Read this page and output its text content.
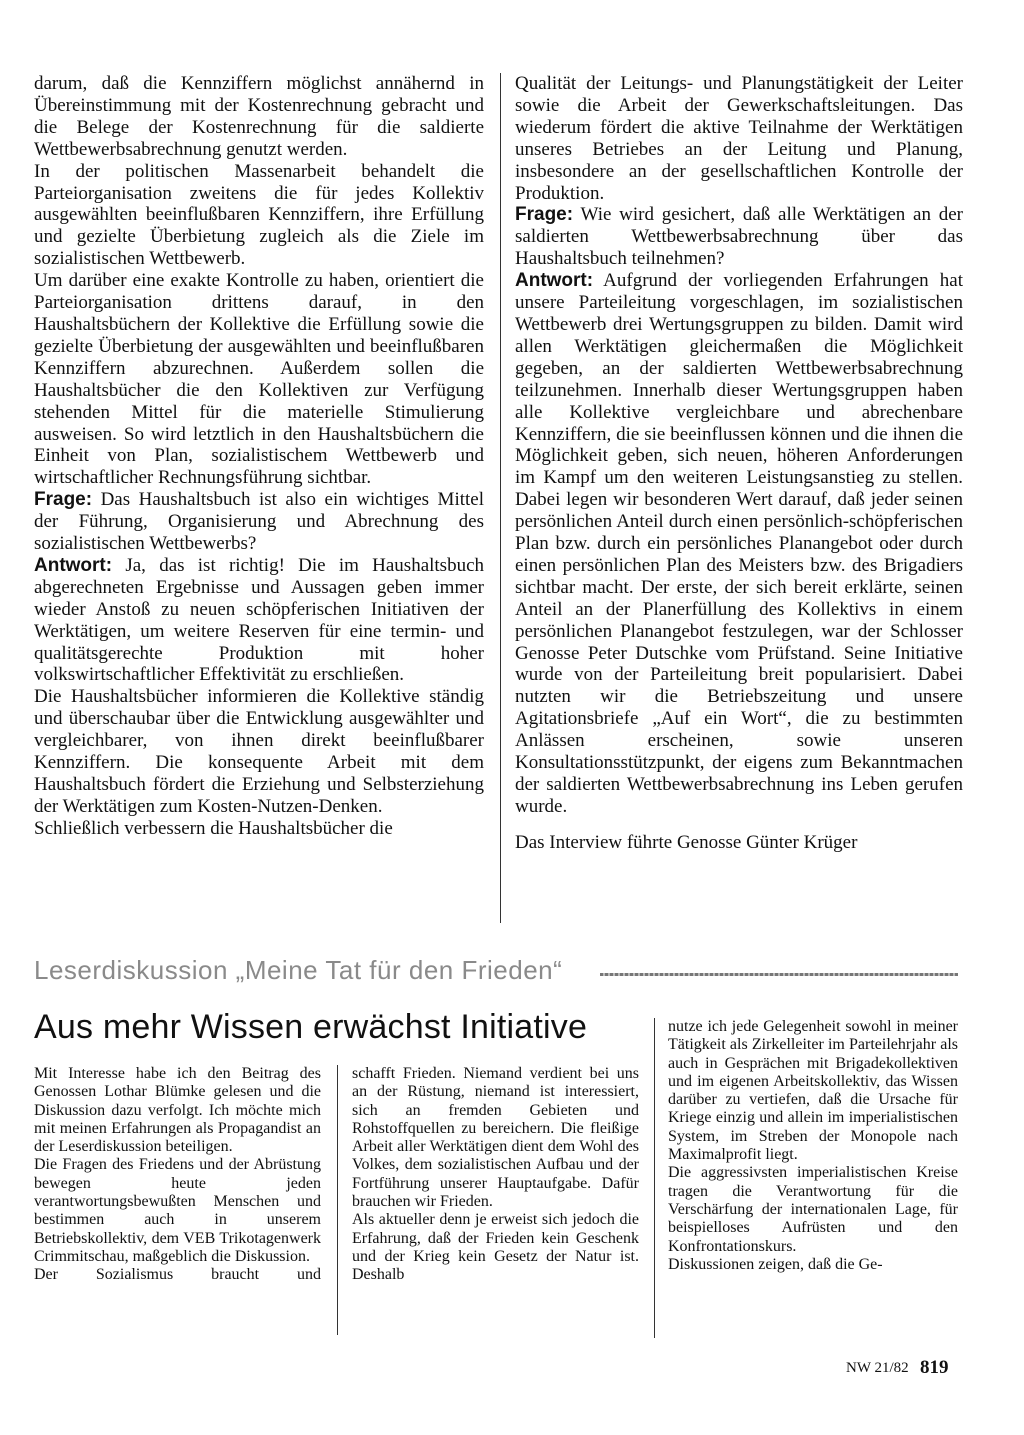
darum, daß die Kennziffern möglichst annähernd in Übereinstimmung mit der Kostenrechnung gebracht und die Belege der Kostenrechnung für die saldierte Wettbewerbsabrechnung genutzt werden.

In der politischen Massenarbeit behandelt die Parteiorganisation zweitens die für jedes Kollektiv ausgewählten beeinflußbaren Kennziffern, ihre Erfüllung und gezielte Überbietung zugleich als die Ziele im sozialistischen Wettbewerb.

Um darüber eine exakte Kontrolle zu haben, orientiert die Parteiorganisation drittens darauf, in den Haushaltsbüchern der Kollektive die Erfüllung sowie die gezielte Überbietung der ausgewählten und beeinflußbaren Kennziffern abzurechnen. Außerdem sollen die Haushaltsbücher die den Kollektiven zur Verfügung stehenden Mittel für die materielle Stimulierung ausweisen. So wird letztlich in den Haushaltsbüchern die Einheit von Plan, sozialistischem Wettbewerb und wirtschaftlicher Rechnungsführung sichtbar.

Frage: Das Haushaltsbuch ist also ein wichtiges Mittel der Führung, Organisierung und Abrechnung des sozialistischen Wettbewerbs?

Antwort: Ja, das ist richtig! Die im Haushaltsbuch abgerechneten Ergebnisse und Aussagen geben immer wieder Anstoß zu neuen schöpferischen Initiativen der Werktätigen, um weitere Reserven für eine termin- und qualitätsgerechte Produktion mit hoher volkswirtschaftlicher Effektivität zu erschließen.

Die Haushaltsbücher informieren die Kollektive ständig und überschaubar über die Entwicklung ausgewählter und vergleichbarer, von ihnen direkt beeinflußbarer Kennziffern. Die konsequente Arbeit mit dem Haushaltsbuch fördert die Erziehung und Selbsterziehung der Werktätigen zum Kosten-Nutzen-Denken.

Schließlich verbessern die Haushaltsbücher die

Qualität der Leitungs- und Planungstätigkeit der Leiter sowie die Arbeit der Gewerkschaftsleitungen. Das wiederum fördert die aktive Teilnahme der Werktätigen unseres Betriebes an der Leitung und Planung, insbesondere an der gesellschaftlichen Kontrolle der Produktion.

Frage: Wie wird gesichert, daß alle Werktätigen an der saldierten Wettbewerbsabrechnung über das Haushaltsbuch teilnehmen?

Antwort: Aufgrund der vorliegenden Erfahrungen hat unsere Parteileitung vorgeschlagen, im sozialistischen Wettbewerb drei Wertungsgruppen zu bilden. Damit wird allen Werktätigen gleichermaßen die Möglichkeit gegeben, an der saldierten Wettbewerbsabrechnung teilzunehmen. Innerhalb dieser Wertungsgruppen haben alle Kollektive vergleichbare und abrechenbare Kennziffern, die sie beeinflussen können und die ihnen die Möglichkeit geben, sich neuen, höheren Anforderungen im Kampf um den weiteren Leistungsanstieg zu stellen. Dabei legen wir besonderen Wert darauf, daß jeder seinen persönlichen Anteil durch einen persönlich-schöpferischen Plan bzw. durch ein persönliches Planangebot oder durch einen persönlichen Plan des Meisters bzw. des Brigadiers sichtbar macht. Der erste, der sich bereit erklärte, seinen Anteil an der Planerfüllung des Kollektivs in einem persönlichen Planangebot festzulegen, war der Schlosser Genosse Peter Dutschke vom Prüfstand. Seine Initiative wurde von der Parteileitung breit popularisiert. Dabei nutzten wir die Betriebszeitung und unsere Agitationsbriefe „Auf ein Wort“, die zu bestimmten Anlässen erscheinen, sowie unseren Konsultationsstützpunkt, der eigens zum Bekanntmachen der saldierten Wettbewerbsabrechnung ins Leben gerufen wurde.

Das Interview führte Genosse Günter Krüger

Leserdiskussion „Meine Tat für den Frieden“
Aus mehr Wissen erwächst Initiative

Mit Interesse habe ich den Beitrag des Genossen Lothar Blümke gelesen und die Diskussion dazu verfolgt. Ich möchte mich mit meinen Erfahrungen als Propagandist an der Leserdiskussion beteiligen.

Die Fragen des Friedens und der Abrüstung bewegen heute jeden verantwortungsbewußten Menschen und bestimmen auch in unserem Betriebskollektiv, dem VEB Trikotagenwerk Crimmitschau, maßgeblich die Diskussion.

Der Sozialismus braucht und

schafft Frieden. Niemand verdient bei uns an der Rüstung, niemand ist interessiert, sich an fremden Gebieten und Rohstoffquellen zu bereichern. Die fleißige Arbeit aller Werktätigen dient dem Wohl des Volkes, dem sozialistischen Aufbau und der Fortführung unserer Hauptaufgabe. Dafür brauchen wir Frieden.

Als aktueller denn je erweist sich jedoch die Erfahrung, daß der Frieden kein Geschenk und der Krieg kein Gesetz der Natur ist. Deshalb

nutze ich jede Gelegenheit sowohl in meiner Tätigkeit als Zirkelleiter im Parteilehrjahr als auch in Gesprächen mit Brigadekollektiven und im eigenen Arbeitskollektiv, das Wissen darüber zu vertiefen, daß die Ursache für Kriege einzig und allein im imperialistischen System, im Streben der Monopole nach Maximalprofit liegt.

Die aggressivsten imperialistischen Kreise tragen die Verantwortung für die Verschärfung der internationalen Lage, für beispielloses Aufrüsten und den Konfrontationskurs.

Diskussionen zeigen, daß die Ge-

NW 21/82 819
